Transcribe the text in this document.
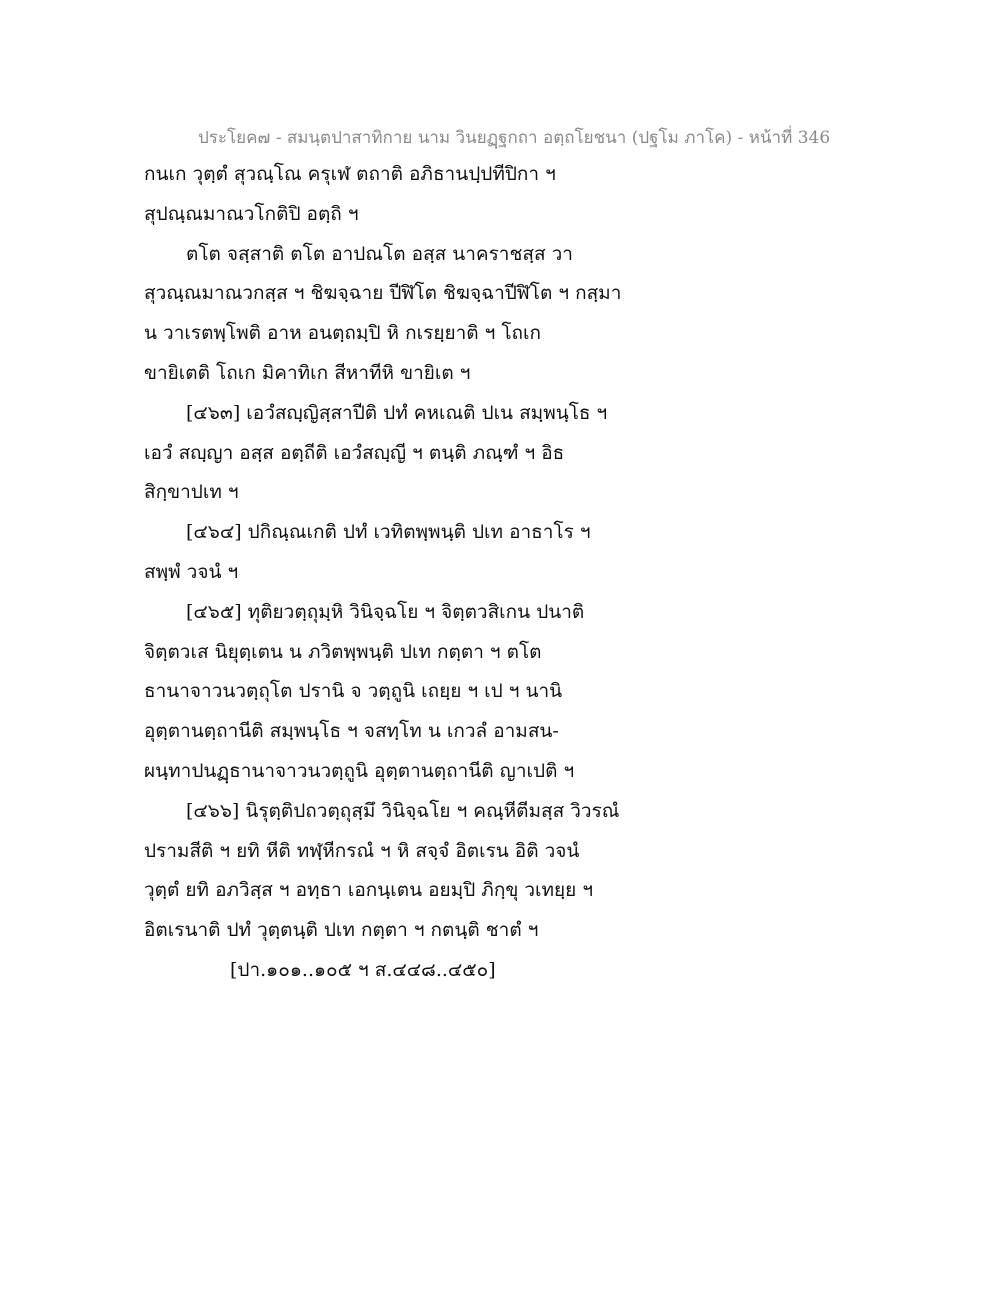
ประโยค๗ - สมนฺตปาสาทิกาย นาม วินยฏฺฐกถา อตฺถโยชนา (ปฐโม ภาโค) - หน้าที่ 346
กนเก วุตฺตํ สุวณฺโณ ครุเฬ ตถาติ อภิธานปฺปทีปิกา ฯ
สุปณฺณมาณวโกติปิ อตฺถิ ฯ
ตโต จสฺสาติ ตโต อาปณโต อสฺส นาคราชสฺส วา
สุวณฺณมาณวกสฺส ฯ ชิฆจฺฉาย ปีฬิโต ชิฆจฺฉาปีฬิโต ฯ กสฺมา
น วาเรตพฺโพติ อาห อนตฺถมฺปิ หิ กเรยฺยาติ ฯ โถเก
ขายิเตติ โถเก มิคาทิเก สีหาทีหิ ขายิเต ฯ
[๔๖๓] เอวํสญฺญิสฺสาปีติ ปทํ คหเณติ ปเน สมฺพนฺโธ ฯ
เอวํ สญฺญา อสฺส อตฺถีติ เอวํสญฺญี ฯ ตนฺติ ภณฺฑํ ฯ อิธ
สิกฺขาปเท ฯ
[๔๖๔] ปกิณฺณเกติ ปทํ เวทิตพฺพนฺติ ปเท อาธาโร ฯ
สพฺพํ วจนํ ฯ
[๔๖๕] ทุติยวตฺถุมฺหิ วินิจฺฉโย ฯ จิตฺตวสิเกน ปนาติ
จิตฺตวเส นิยุตฺเตน น ภวิตพฺพนฺติ ปเท กตฺตา ฯ ตโต
ธานาจาวนวตฺถุโต ปรานิ จ วตฺถูนิ เถยฺย ฯ เป ฯ นานิ
อุตฺตานตฺถานีติ สมฺพนฺโธ ฯ จสทฺโท น เกวลํ อามสน-
ผนฺทาปนฏฺธานาจาวนวตฺถูนิ อุตฺตานตฺถานีติ ญาเปติ ฯ
[๔๖๖] นิรุตฺติปถวตฺถุสฺมึ วินิจฺฉโย ฯ คณฺหีตีมสฺส วิวรณํ
ปรามสีติ ฯ ยทิ หีติ ทฬฺหีกรณํ ฯ หิ สจฺจํ อิตเรน อิติ วจนํ
วุตฺตํ ยทิ อภวิสฺส ฯ อทฺธา เอกนฺเตน อยมฺปิ ภิกฺขุ วเทยฺย ฯ
อิตเรนาติ ปทํ วุตฺตนฺติ ปเท กตฺตา ฯ กตนฺติ ชาตํ ฯ
[ปา.๑๐๑..๑๐๕ ฯ ส.๔๔๘..๔๕๐]
